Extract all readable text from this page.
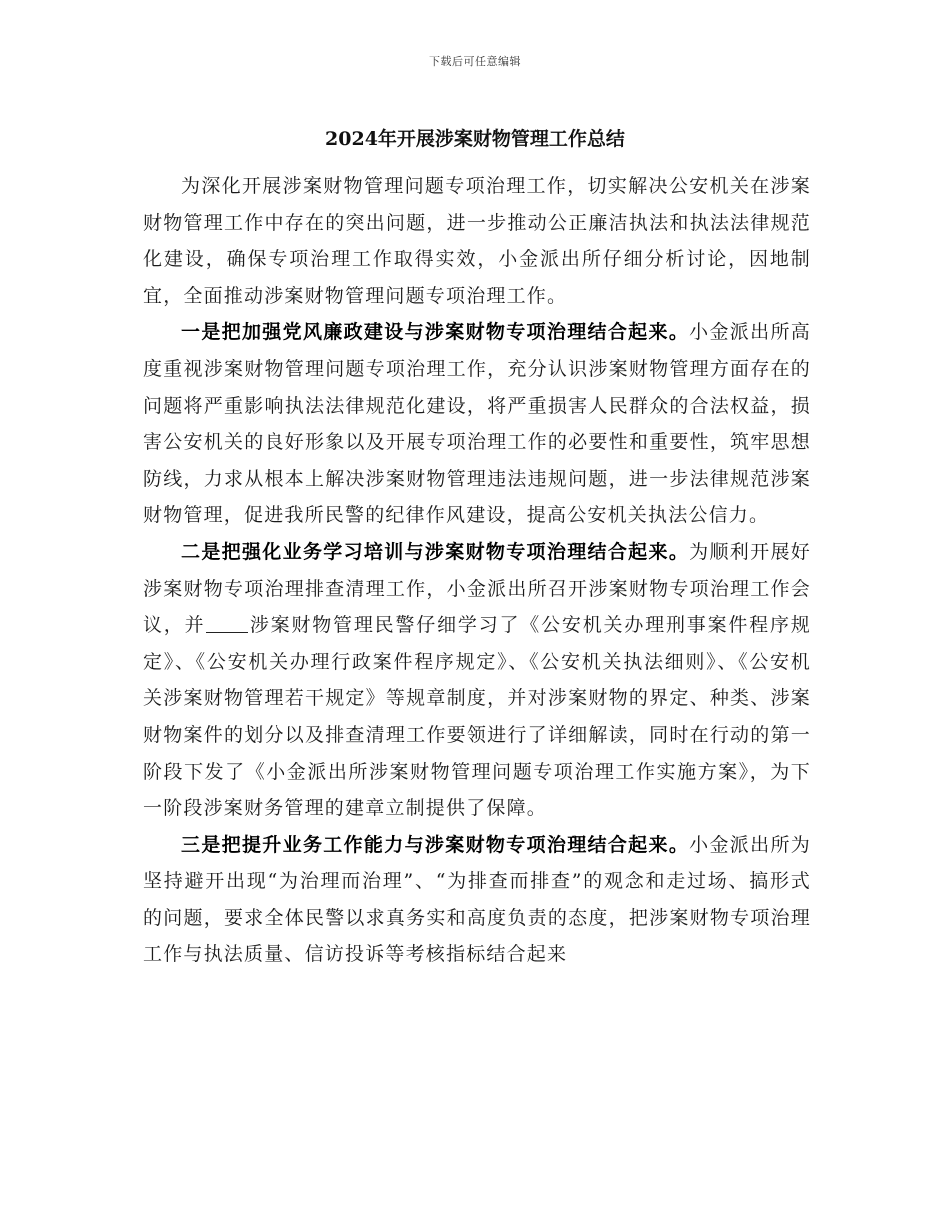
下载后可任意编辑
2024年开展涉案财物管理工作总结

为深化开展涉案财物管理问题专项治理工作，切实解决公安机关在涉案财物管理工作中存在的突出问题，进一步推动公正廉洁执法和执法法律规范化建设，确保专项治理工作取得实效，小金派出所仔细分析讨论，因地制宜，全面推动涉案财物管理问题专项治理工作。

一是把加强党风廉政建设与涉案财物专项治理结合起来。小金派出所高度重视涉案财物管理问题专项治理工作，充分认识涉案财物管理方面存在的问题将严重影响执法法律规范化建设，将严重损害人民群众的合法权益，损害公安机关的良好形象以及开展专项治理工作的必要性和重要性，筑牢思想防线，力求从根本上解决涉案财物管理违法违规问题，进一步法律规范涉案财物管理，促进我所民警的纪律作风建设，提高公安机关执法公信力。

二是把强化业务学习培训与涉案财物专项治理结合起来。为顺利开展好涉案财物专项治理排查清理工作，小金派出所召开涉案财物专项治理工作会议，并 涉案财物管理民警仔细学习了《公安机关办理刑事案件程序规定》、《公安机关办理行政案件程序规定》、《公安机关执法细则》、《公安机关涉案财物管理若干规定》等规章制度，并对涉案财物的界定、种类、涉案财物案件的划分以及排查清理工作要领进行了详细解读，同时在行动的第一阶段下发了《小金派出所涉案财物管理问题专项治理工作实施方案》，为下一阶段涉案财务管理的建章立制提供了保障。

三是把提升业务工作能力与涉案财物专项治理结合起来。小金派出所为坚持避开出现“为治理而治理”、“为排查而排查”的观念和走过场、搞形式的问题，要求全体民警以求真务实和高度负责的态度，把涉案财物专项治理工作与执法质量、信访投诉等考核指标结合起来
